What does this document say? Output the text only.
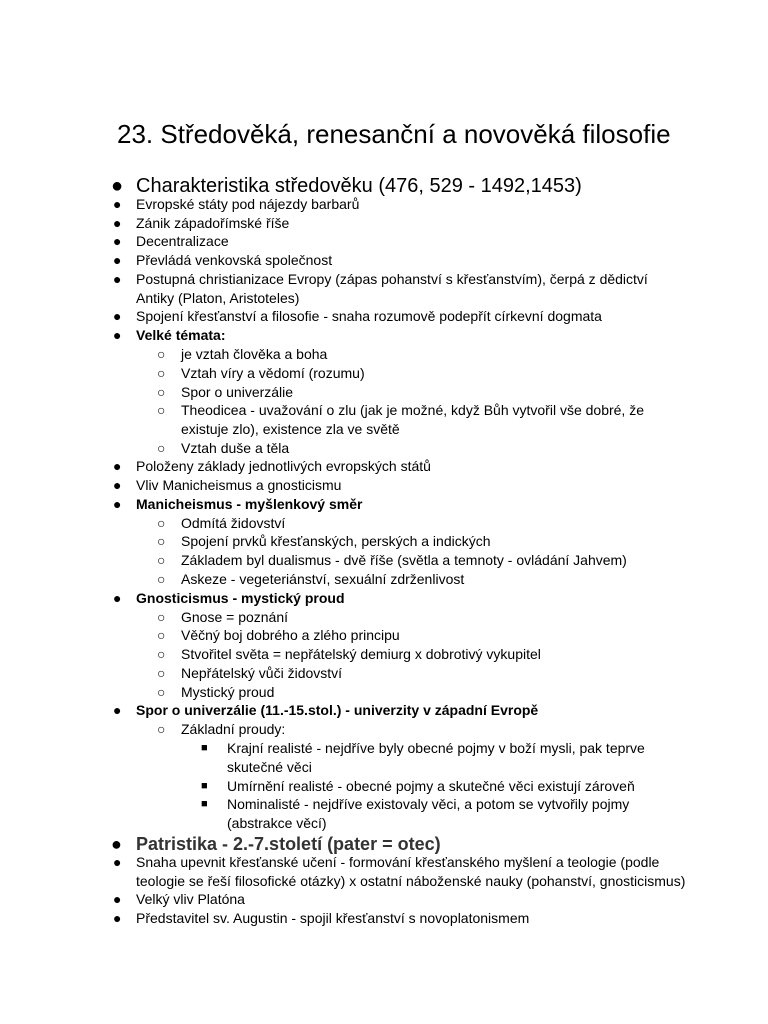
23. Středověká, renesanční a novověká filosofie
● Charakteristika středověku (476, 529 - 1492,1453)
● Evropské státy pod nájezdy barbarů
● Zánik západořímské říše
● Decentralizace
● Převládá venkovská společnost
● Postupná christianizace Evropy (zápas pohanství s křesťanstvím), čerpá z dědictví
Antiky (Platon, Aristoteles)
● Spojení křesťanství a filosofie - snaha rozumově podepřít církevní dogmata
● Velké témata:
○ je vztah člověka a boha
○ Vztah víry a vědomí (rozumu)
○ Spor o univerzálie
○ Theodicea - uvažování o zlu (jak je možné, když Bůh vytvořil vše dobré, že
existuje zlo), existence zla ve světě
○ Vztah duše a těla
● Položeny základy jednotlivých evropských států
● Vliv Manicheismus a gnosticismu
● Manicheismus - myšlenkový směr
○ Odmítá židovství
○ Spojení prvků křesťanských, perských a indických
○ Základem byl dualismus - dvě říše (světla a temnoty - ovládání Jahvem)
○ Askeze - vegeteriánství, sexuální zdrženlivost
● Gnosticismus - mystický proud
○ Gnose = poznání
○ Věčný boj dobrého a zlého principu
○ Stvořitel světa = nepřátelský demiurg x dobrotivý vykupitel
○ Nepřátelský vůči židovství
○ Mystický proud
● Spor o univerzálie (11.-15.stol.) - univerzity v západní Evropě
○ Základní proudy:
■ Krajní realisté - nejdříve byly obecné pojmy v boží mysli, pak teprve
skutečné věci
■ Umírnění realisté - obecné pojmy a skutečné věci existují zároveň
■ Nominalisté - nejdříve existovaly věci, a potom se vytvořily pojmy
(abstrakce věcí)
● Patristika - 2.-7.století (pater = otec)
● Snaha upevnit křesťanské učení - formování křesťanského myšlení a teologie (podle
teologie se řeší filosofické otázky) x ostatní náboženské nauky (pohanství, gnosticismus)
● Velký vliv Platóna
● Představitel sv. Augustin - spojil křesťanství s novoplatonismem
